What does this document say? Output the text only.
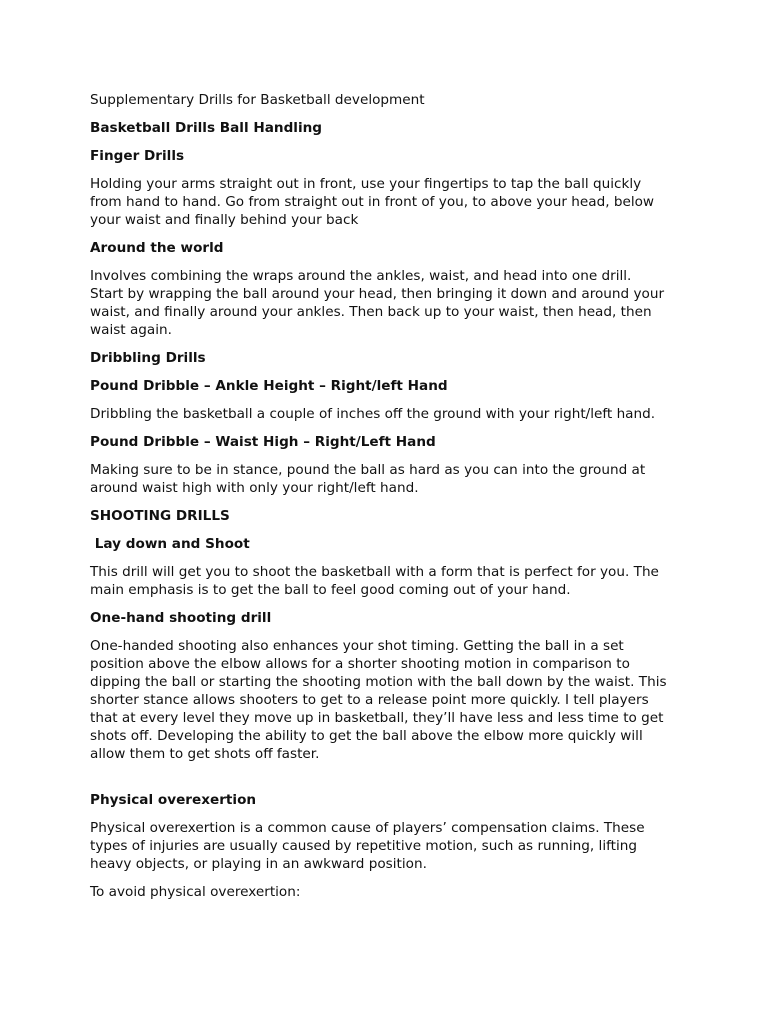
Supplementary Drills for Basketball development
Basketball Drills Ball Handling
Finger Drills
Holding your arms straight out in front, use your fingertips to tap the ball quickly
from hand to hand. Go from straight out in front of you, to above your head, below
your waist and finally behind your back
Around the world
Involves combining the wraps around the ankles, waist, and head into one drill.
Start by wrapping the ball around your head, then bringing it down and around your
waist, and finally around your ankles. Then back up to your waist, then head, then
waist again.
Dribbling Drills
Pound Dribble – Ankle Height – Right/left Hand
Dribbling the basketball a couple of inches off the ground with your right/left hand.
Pound Dribble – Waist High – Right/Left Hand
Making sure to be in stance, pound the ball as hard as you can into the ground at
around waist high with only your right/left hand.
SHOOTING DRILLS
Lay down and Shoot
This drill will get you to shoot the basketball with a form that is perfect for you. The
main emphasis is to get the ball to feel good coming out of your hand.
One-hand shooting drill
One-handed shooting also enhances your shot timing. Getting the ball in a set
position above the elbow allows for a shorter shooting motion in comparison to
dipping the ball or starting the shooting motion with the ball down by the waist. This
shorter stance allows shooters to get to a release point more quickly. I tell players
that at every level they move up in basketball, they’ll have less and less time to get
shots off. Developing the ability to get the ball above the elbow more quickly will
allow them to get shots off faster.
Physical overexertion
Physical overexertion is a common cause of players’ compensation claims. These
types of injuries are usually caused by repetitive motion, such as running, lifting
heavy objects, or playing in an awkward position.
To avoid physical overexertion:
